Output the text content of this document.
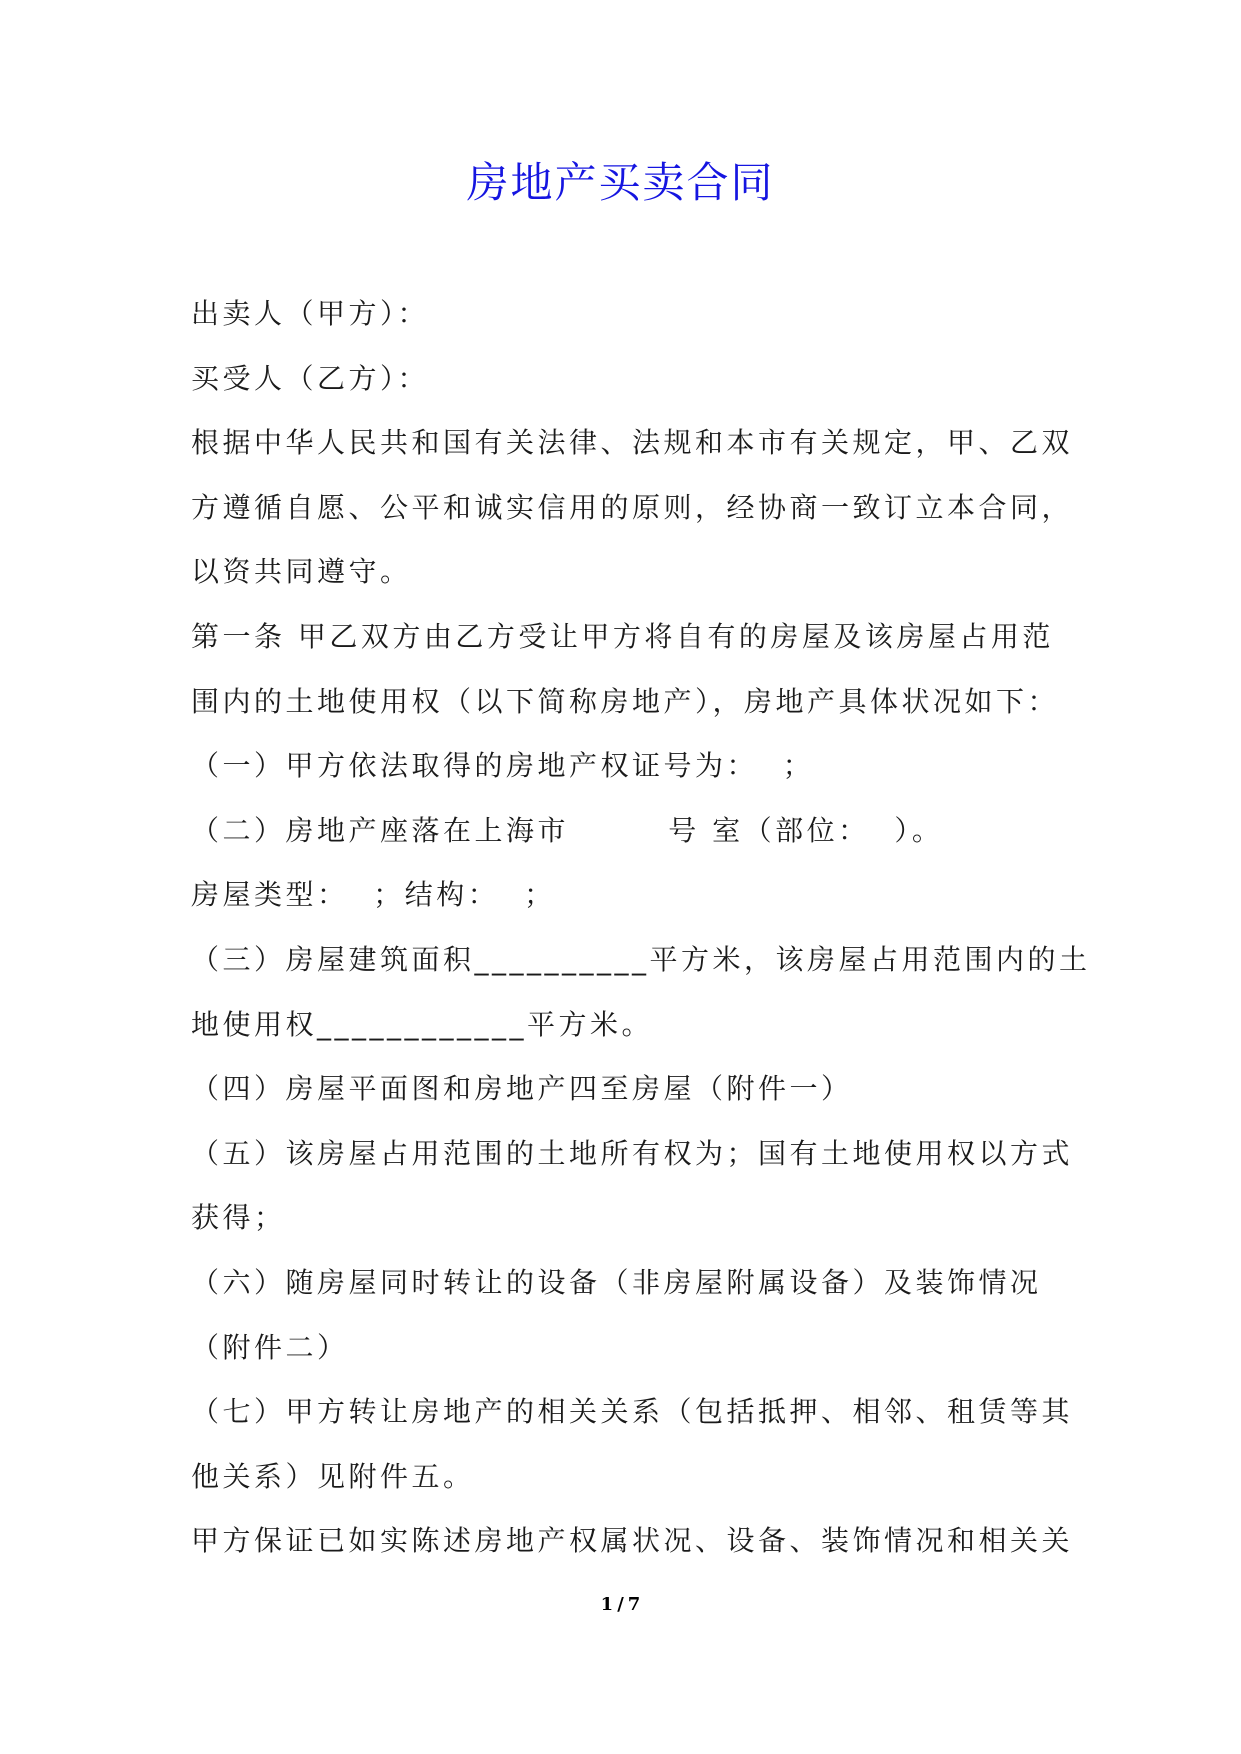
房地产买卖合同

出卖人（甲方）：

买受人（乙方）：

根据中华人民共和国有关法律、法规和本市有关规定，甲、乙双

方遵循自愿、公平和诚实信用的原则，经协商一致订立本合同，

以资共同遵守。

第一条 甲乙双方由乙方受让甲方将自有的房屋及该房屋占用范

围内的土地使用权（以下简称房地产），房地产具体状况如下：

（一）甲方依法取得的房地产权证号为：  ；

（二）房地产座落在上海市        号 室（部位：  ）。

房屋类型：  ；结构：  ；

（三）房屋建筑面积__________平方米，该房屋占用范围内的土

地使用权____________平方米。

（四）房屋平面图和房地产四至房屋（附件一）

（五）该房屋占用范围的土地所有权为；国有土地使用权以方式

获得；

（六）随房屋同时转让的设备（非房屋附属设备）及装饰情况

（附件二）

（七）甲方转让房地产的相关关系（包括抵押、相邻、租赁等其

他关系）见附件五。

甲方保证已如实陈述房地产权属状况、设备、装饰情况和相关关

1 / 7
